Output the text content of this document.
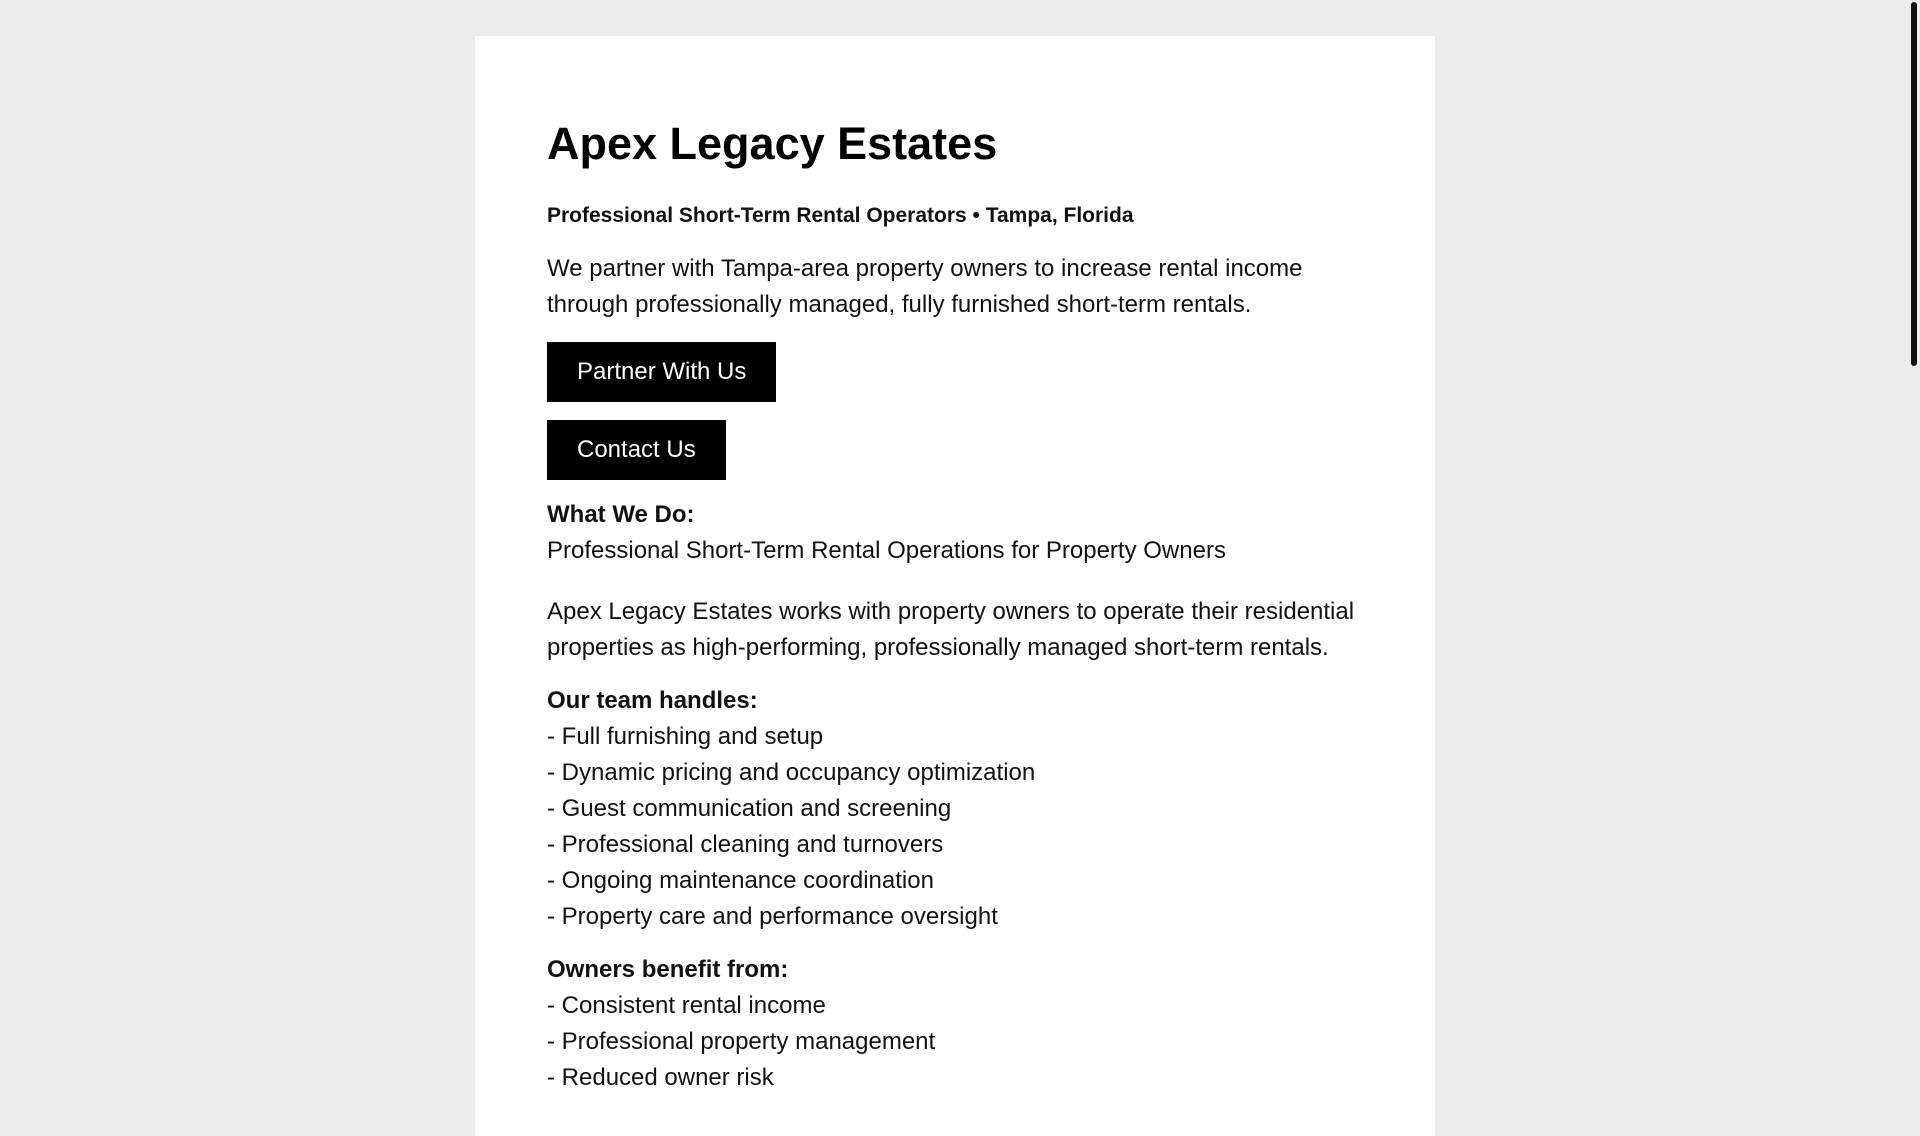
Apex Legacy Estates
Professional Short-Term Rental Operators • Tampa, Florida

We partner with Tampa-area property owners to increase rental income through professionally managed, fully furnished short-term rentals.

Partner With Us
Contact Us

What We Do:

Professional Short-Term Rental Operations for Property Owners

Apex Legacy Estates works with property owners to operate their residential properties as high-performing, professionally managed short-term rentals.

Our team handles:

- Full furnishing and setup

- Dynamic pricing and occupancy optimization

- Guest communication and screening

- Professional cleaning and turnovers

- Ongoing maintenance coordination

- Property care and performance oversight

Owners benefit from:

- Consistent rental income

- Professional property management

- Reduced owner risk
